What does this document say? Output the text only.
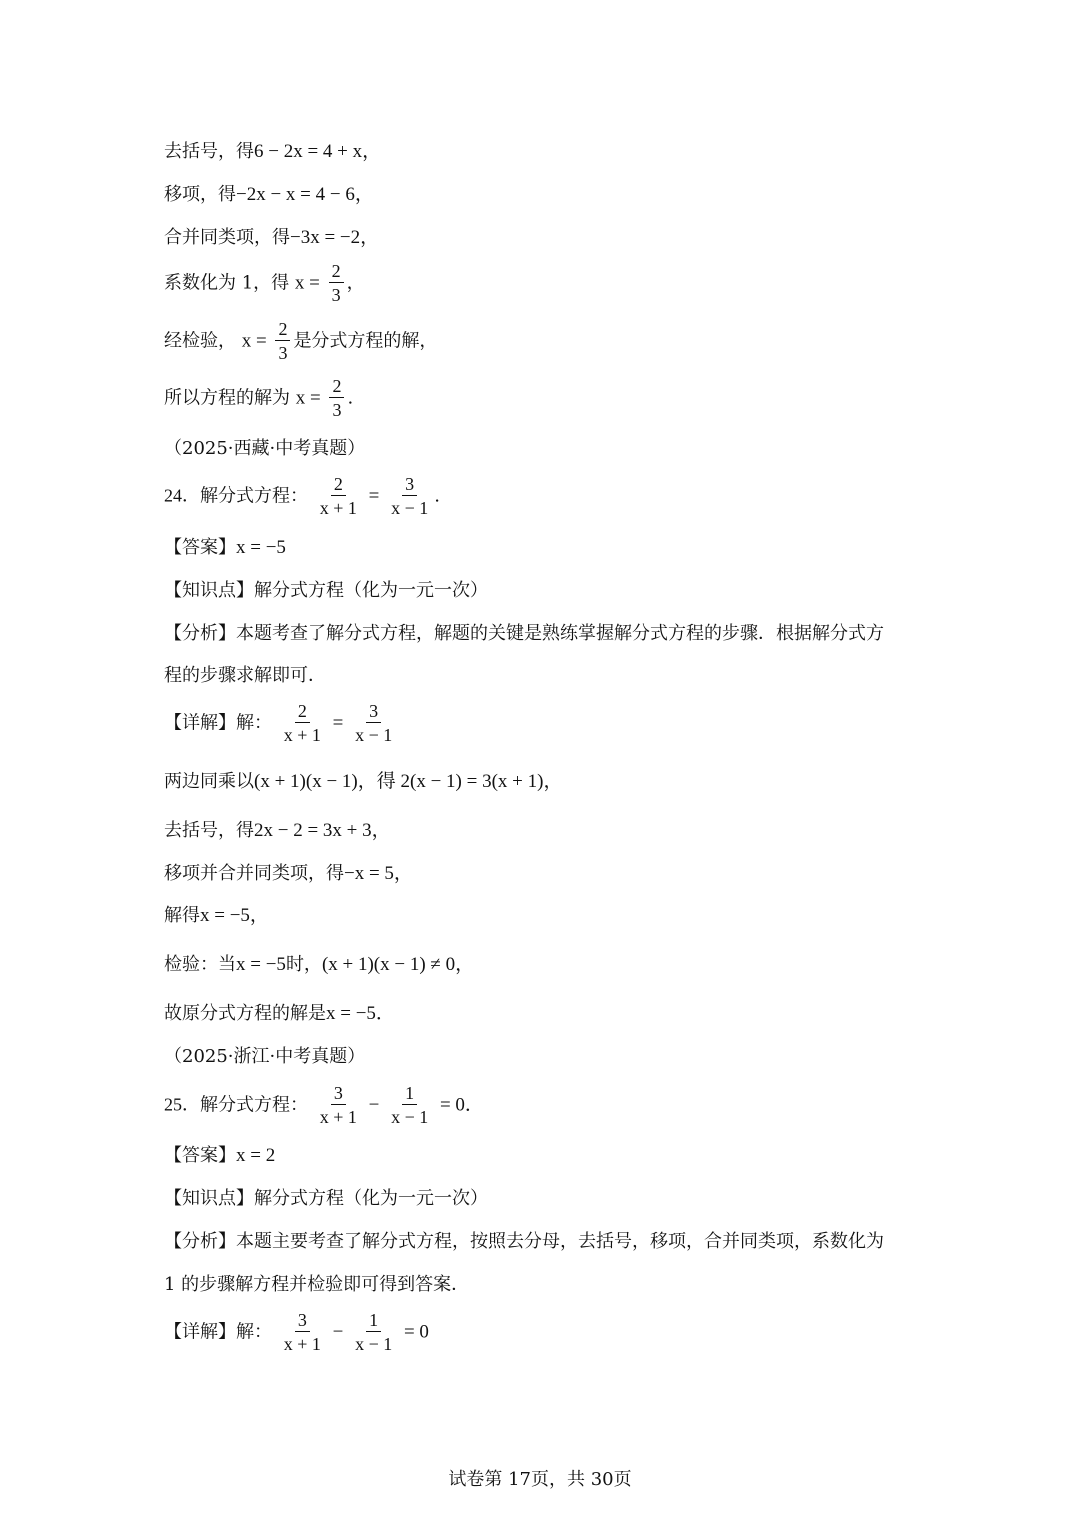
去括号，得6 − 2x = 4 + x，
移项，得−2x − x = 4 − 6，
合并同类项，得−3x = −2，
系数化为 1，得 $x = \frac{2}{3}$ ，
经检验， $x = \frac{2}{3}$ 是分式方程的解，
所以方程的解为 $x = \frac{2}{3}$ .
（2025·西藏·中考真题）
24．解分式方程： $\frac{2}{x + 1} = \frac{3}{x - 1}$ .
【答案】x = −5
【知识点】解分式方程（化为一元一次）
【分析】本题考查了解分式方程，解题的关键是熟练掌握解分式方程的步骤．根据解分式方
程的步骤求解即可．
【详解】解： $\frac{2}{x + 1} = \frac{3}{x - 1}$
两边同乘以(x + 1)(x − 1)，得 2(x − 1) = 3(x + 1)，
去括号，得2x − 2 = 3x + 3，
移项并合并同类项，得−x = 5，
解得x = −5，
检验：当x = −5时，(x + 1)(x − 1) ≠ 0，
故原分式方程的解是x = −5．
（2025·浙江·中考真题）
25．解分式方程： $\frac{3}{x + 1} - \frac{1}{x - 1} = 0$．
【答案】x = 2
【知识点】解分式方程（化为一元一次）
【分析】本题主要考查了解分式方程，按照去分母，去括号，移项，合并同类项，系数化为
1 的步骤解方程并检验即可得到答案．
【详解】解： $\frac{3}{x + 1} - \frac{1}{x - 1} = 0$
试卷第 17页，共 30页
